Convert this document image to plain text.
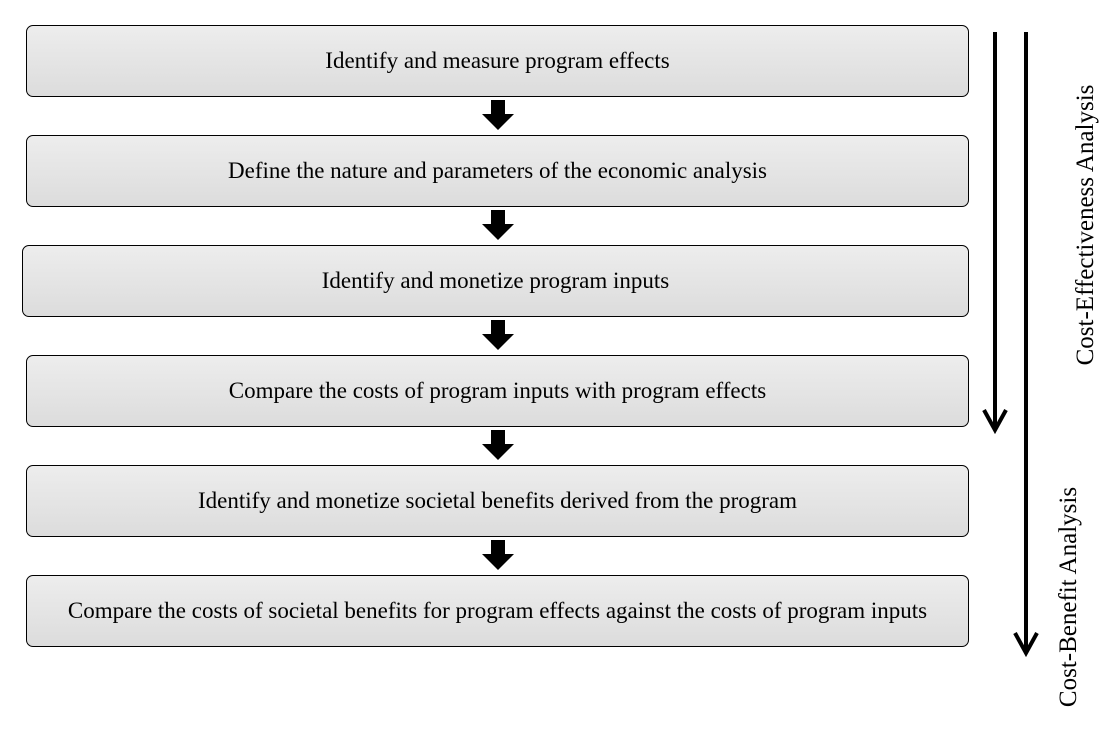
Identify and measure program effects
Define the nature and parameters of the economic analysis
Identify and monetize program inputs
Compare the costs of program inputs with program effects
Identify and monetize societal benefits derived from the program
Compare the costs of societal benefits for program effects against the costs of program inputs
Cost-Effectiveness Analysis
Cost-Benefit Analysis
